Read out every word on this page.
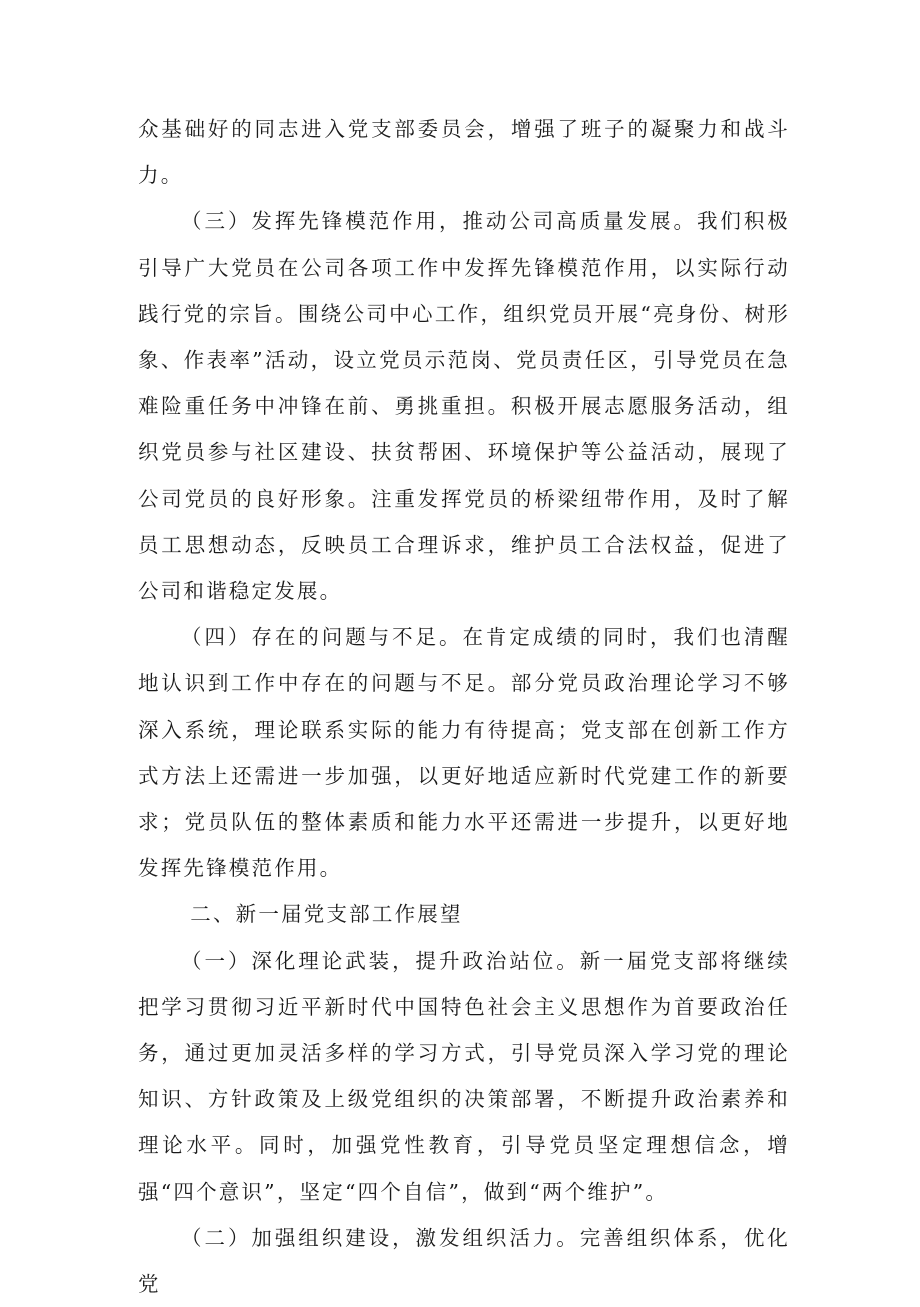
众基础好的同志进入党支部委员会，增强了班子的凝聚力和战斗力。

（三）发挥先锋模范作用，推动公司高质量发展。我们积极引导广大党员在公司各项工作中发挥先锋模范作用，以实际行动践行党的宗旨。围绕公司中心工作，组织党员开展“亮身份、树形象、作表率”活动，设立党员示范岗、党员责任区，引导党员在急难险重任务中冲锋在前、勇挑重担。积极开展志愿服务活动，组织党员参与社区建设、扶贫帮困、环境保护等公益活动，展现了公司党员的良好形象。注重发挥党员的桥梁纽带作用，及时了解员工思想动态，反映员工合理诉求，维护员工合法权益，促进了公司和谐稳定发展。

（四）存在的问题与不足。在肯定成绩的同时，我们也清醒地认识到工作中存在的问题与不足。部分党员政治理论学习不够深入系统，理论联系实际的能力有待提高；党支部在创新工作方式方法上还需进一步加强，以更好地适应新时代党建工作的新要求；党员队伍的整体素质和能力水平还需进一步提升，以更好地发挥先锋模范作用。

二、新一届党支部工作展望

（一）深化理论武装，提升政治站位。新一届党支部将继续把学习贯彻习近平新时代中国特色社会主义思想作为首要政治任务，通过更加灵活多样的学习方式，引导党员深入学习党的理论知识、方针政策及上级党组织的决策部署，不断提升政治素养和理论水平。同时，加强党性教育，引导党员坚定理想信念，增强“四个意识”，坚定“四个自信”，做到“两个维护”。

（二）加强组织建设，激发组织活力。完善组织体系，优化党
